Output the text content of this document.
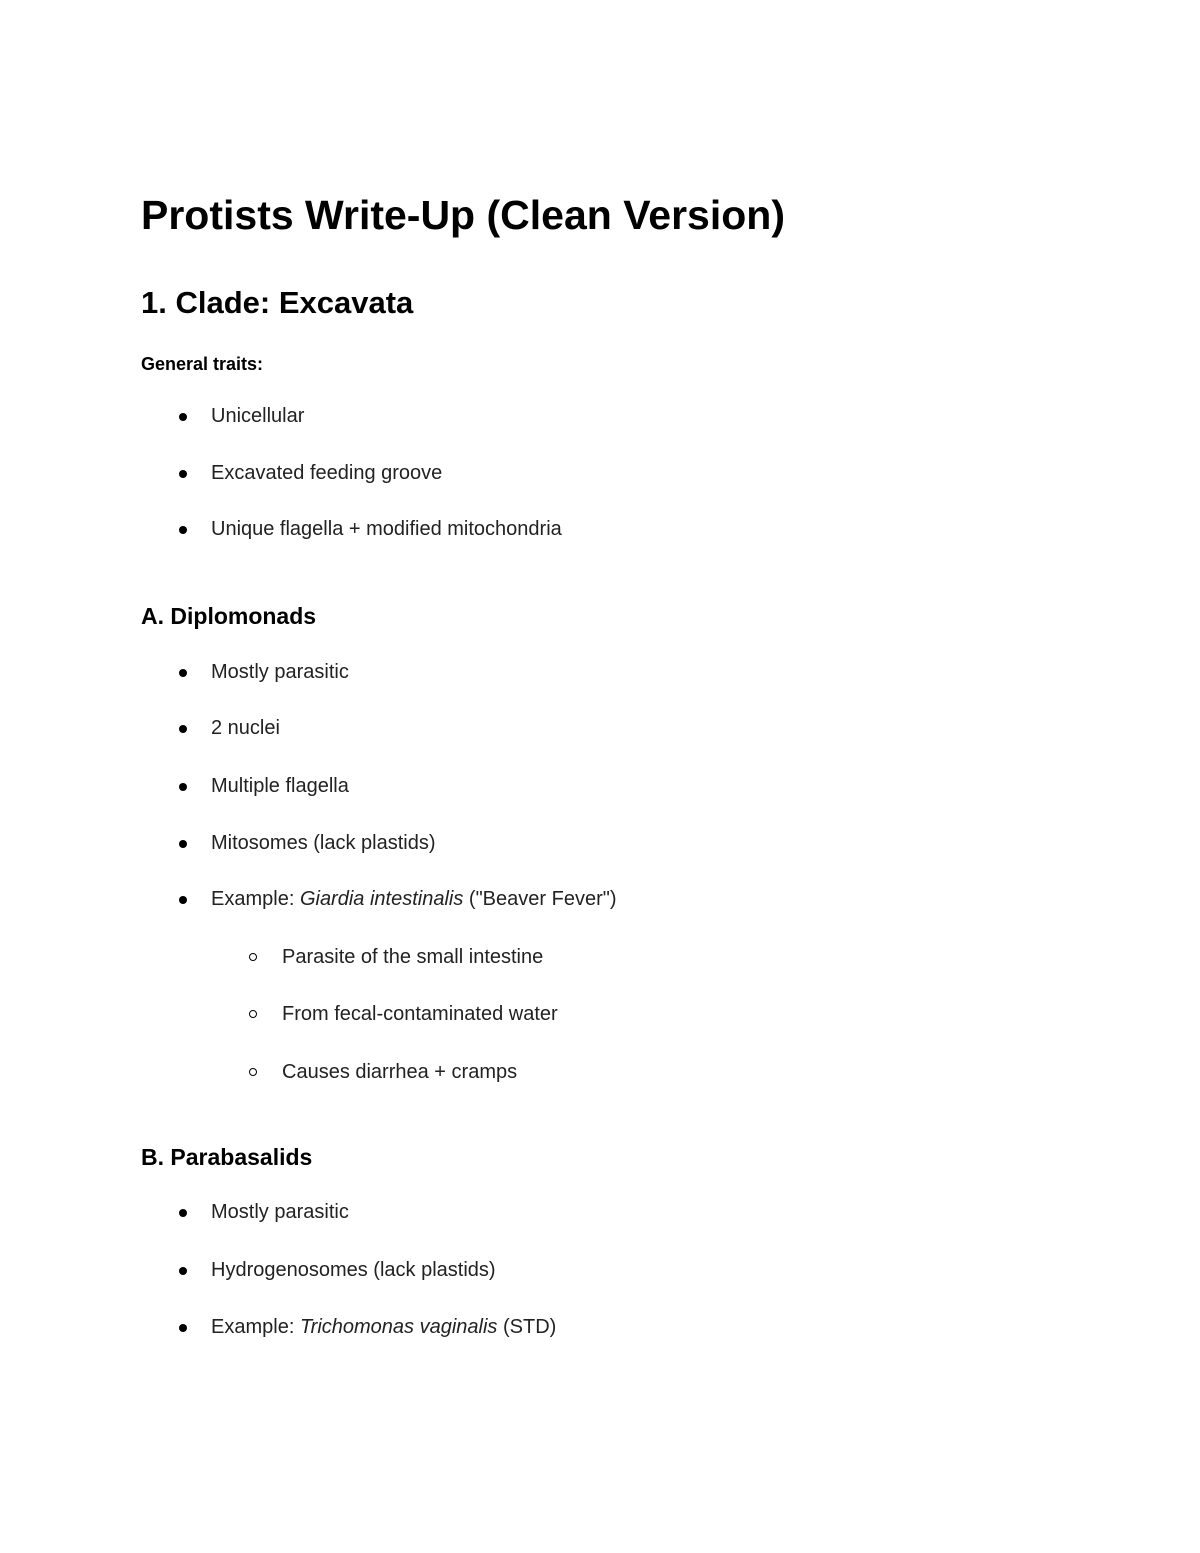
Protists Write-Up (Clean Version)
1. Clade: Excavata
General traits:
Unicellular
Excavated feeding groove
Unique flagella + modified mitochondria
A. Diplomonads
Mostly parasitic
2 nuclei
Multiple flagella
Mitosomes (lack plastids)
Example: Giardia intestinalis ("Beaver Fever")
Parasite of the small intestine
From fecal-contaminated water
Causes diarrhea + cramps
B. Parabasalids
Mostly parasitic
Hydrogenosomes (lack plastids)
Example: Trichomonas vaginalis (STD)
